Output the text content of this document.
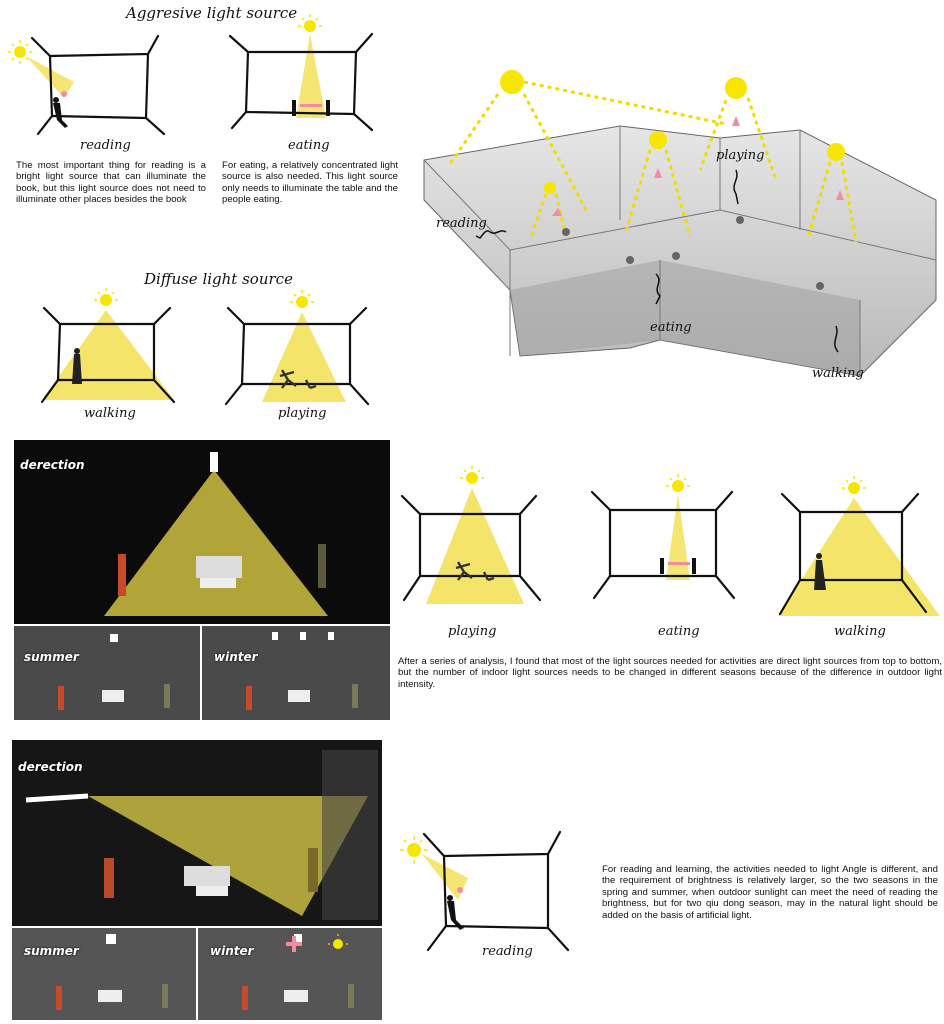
Aggresive light source
reading
The most important thing for reading is a bright light source that can illuminate the book, but this light source does not need to illuminate other places besides the book
eating
For eating, a relatively concentrated light source is also needed. This light source only needs to illuminate the table and the people eating.
Diffuse light source
walking	playing
reading
playing
eating
walking
derection
summer	winter
playing	eating	walking
After a series of analysis, I found that most of the light sources needed for activities are direct light sources from top to bottom, but the number of indoor light sources needs to be changed in different seasons because of the difference in outdoor light intensity.
derection
summer	winter	reading
For reading and learning, the activities needed to light Angle is different, and the requirement of brightness is relatively larger, so the two seasons in the spring and summer, when outdoor sunlight can meet the need of reading the brightness, but for two qiu dong season, may in the natural light should be added on the basis of artificial light.
